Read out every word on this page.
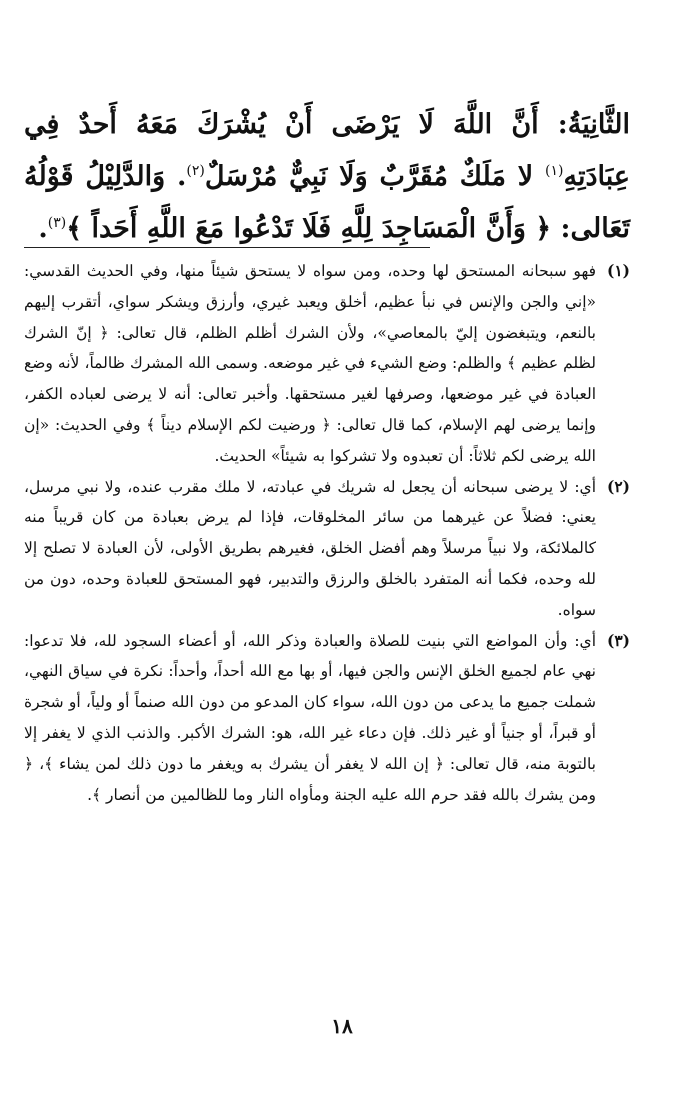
الثَّانِيَةُ: أَنَّ اللَّهَ لَا يَرْضَى أَنْ يُشْرَكَ مَعَهُ أَحدٌ فِي عِبَادَتِهِ$^{(١)}$ لا مَلَكٌ مُقَرَّبٌ وَلَا نَبِيٌّ مُرْسَلٌ$^{(٢)}$. وَالدَّلِيْلُ قَوْلُهُ تَعَالى: ﴿ وَأَنَّ الْمَسَاجِدَ لِلَّهِ فَلَا تَدْعُوا مَعَ اللَّهِ أَحَداً ﴾$^{(٣)}$.
(١)
فهو سبحانه المستحق لها وحده، ومن سواه لا يستحق شيئاً منها، وفي الحديث القدسي: «إني والجن والإنس في نبأ عظيم، أخلق ويعبد غيري، وأرزق ويشكر سواي، أتقرب إليهم بالنعم، ويتبغضون إليّ بالمعاصي»، ولأن الشرك أظلم الظلم، قال تعالى: ﴿ إنّ الشرك لظلم عظيم ﴾ والظلم: وضع الشيء في غير موضعه. وسمى الله المشرك ظالماً، لأنه وضع العبادة في غير موضعها، وصرفها لغير مستحقها. وأخبر تعالى: أنه لا يرضى لعباده الكفر، وإنما يرضى لهم الإسلام، كما قال تعالى: ﴿ ورضيت لكم الإسلام ديناً ﴾ وفي الحديث: «إن الله يرضى لكم ثلاثاً: أن تعبدوه ولا تشركوا به شيئاً» الحديث.
(٢)
أي: لا يرضى سبحانه أن يجعل له شريك في عبادته، لا ملك مقرب عنده، ولا نبي مرسل، يعني: فضلاً عن غيرهما من سائر المخلوقات، فإذا لم يرض بعبادة من كان قريباً منه كالملائكة، ولا نبياً مرسلاً وهم أفضل الخلق، فغيرهم بطريق الأولى، لأن العبادة لا تصلح إلا لله وحده، فكما أنه المتفرد بالخلق والرزق والتدبير، فهو المستحق للعبادة وحده، دون من سواه.
(٣)
أي: وأن المواضع التي بنيت للصلاة والعبادة وذكر الله، أو أعضاء السجود لله، فلا تدعوا: نهي عام لجميع الخلق الإنس والجن فيها، أو بها مع الله أحداً، وأحداً: نكرة في سياق النهي، شملت جميع ما يدعى من دون الله، سواء كان المدعو من دون الله صنماً أو ولياً، أو شجرة أو قبراً، أو جنياً أو غير ذلك. فإن دعاء غير الله، هو: الشرك الأكبر. والذنب الذي لا يغفر إلا بالتوبة منه، قال تعالى: ﴿ إن الله لا يغفر أن يشرك به ويغفر ما دون ذلك لمن يشاء ﴾، ﴿ ومن يشرك بالله فقد حرم الله عليه الجنة ومأواه النار وما للظالمين من أنصار ﴾.
١٨
